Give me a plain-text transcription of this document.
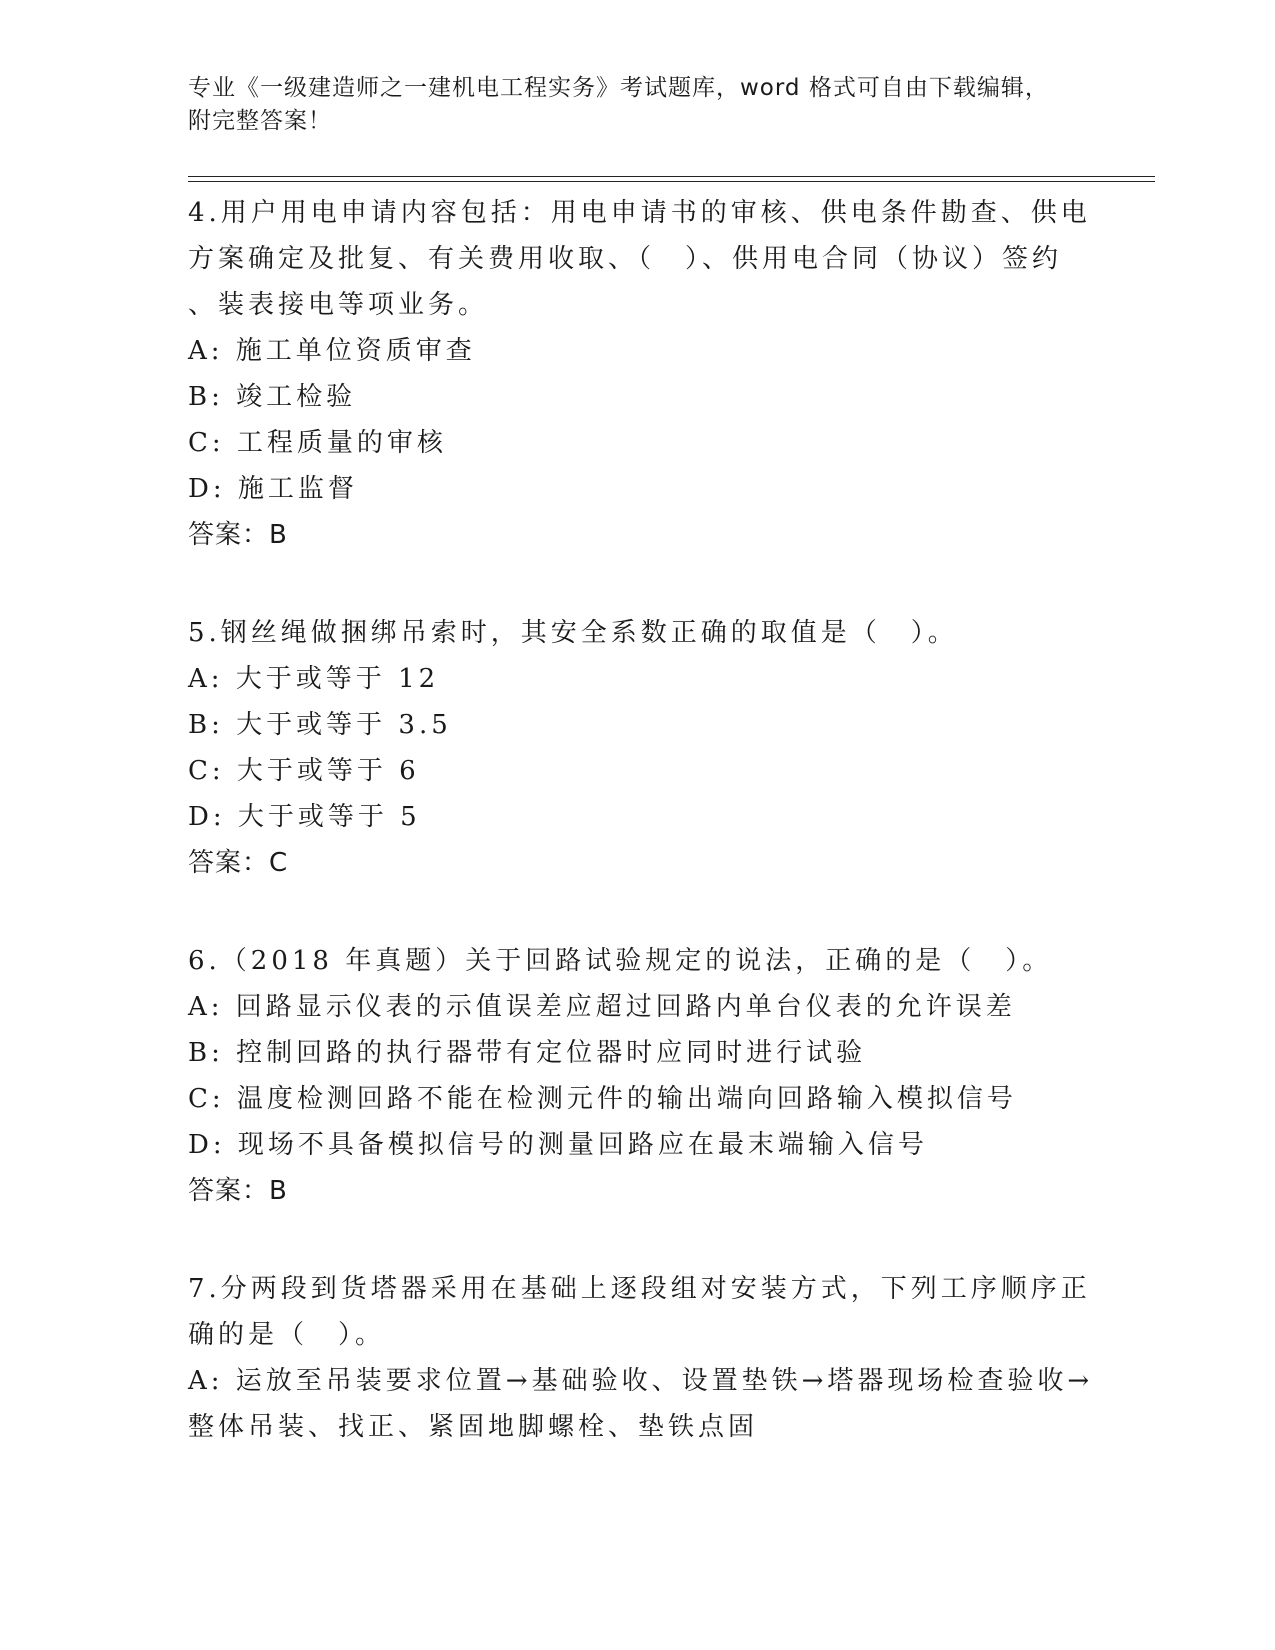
专业《一级建造师之一建机电工程实务》考试题库，word 格式可自由下载编辑，
附完整答案！
4.用户用电申请内容包括：用电申请书的审核、供电条件勘查、供电
方案确定及批复、有关费用收取、（　）、供用电合同（协议）签约
、装表接电等项业务。
A: 施工单位资质审查
B: 竣工检验
C: 工程质量的审核
D: 施工监督
答案：B
5.钢丝绳做捆绑吊索时，其安全系数正确的取值是（　）。
A: 大于或等于 12
B: 大于或等于 3.5
C: 大于或等于 6
D: 大于或等于 5
答案：C
6.（2018 年真题）关于回路试验规定的说法，正确的是（　）。
A: 回路显示仪表的示值误差应超过回路内单台仪表的允许误差
B: 控制回路的执行器带有定位器时应同时进行试验
C: 温度检测回路不能在检测元件的输出端向回路输入模拟信号
D: 现场不具备模拟信号的测量回路应在最末端输入信号
答案：B
7.分两段到货塔器采用在基础上逐段组对安装方式，下列工序顺序正
确的是（　）。
A: 运放至吊装要求位置→基础验收、设置垫铁→塔器现场检查验收→
整体吊装、找正、紧固地脚螺栓、垫铁点固
